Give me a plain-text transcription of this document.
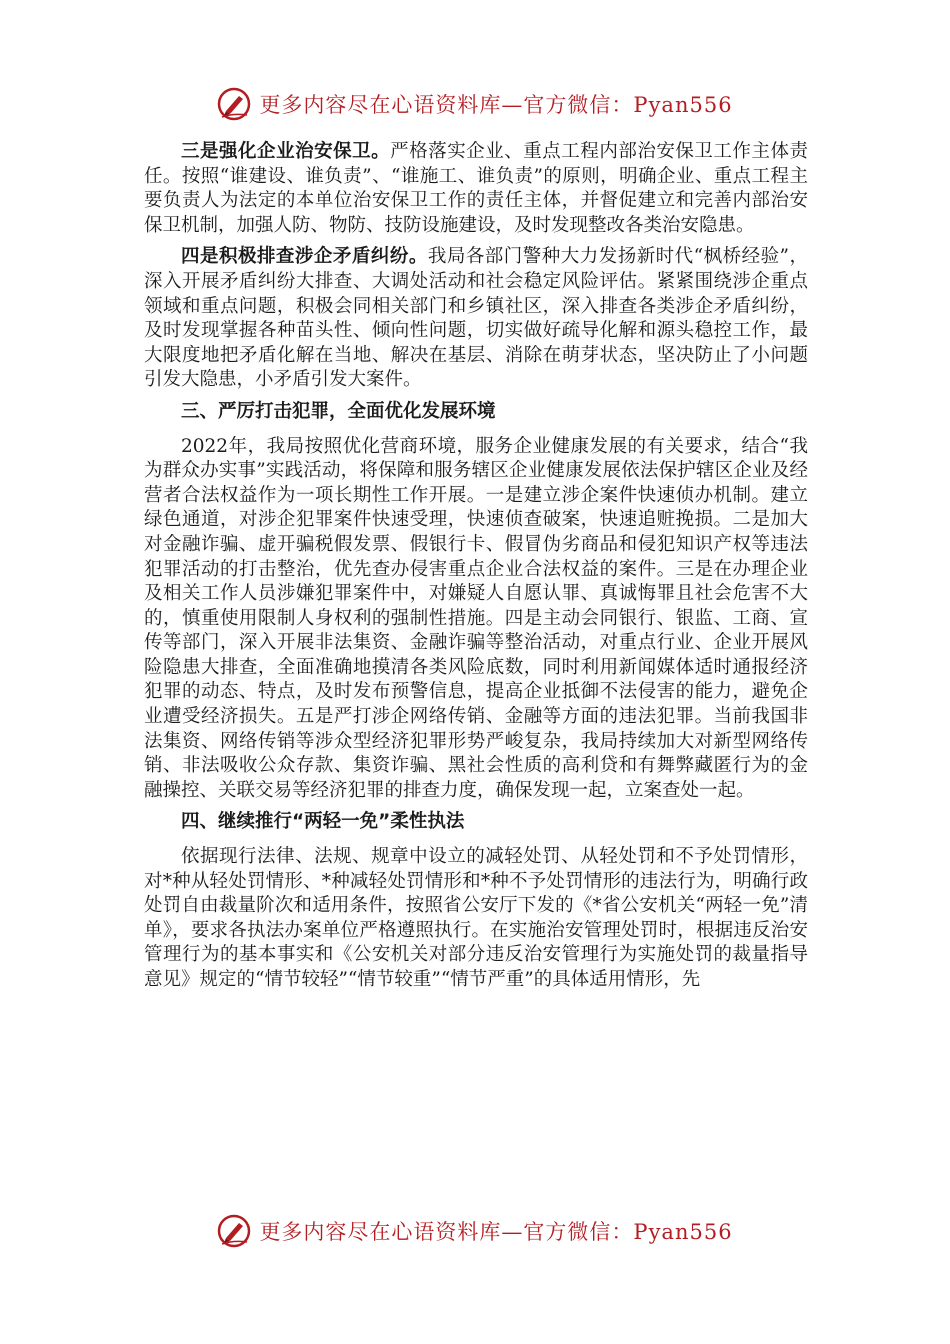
更多内容尽在心语资料库—官方微信：Pyan556

三是强化企业治安保卫。严格落实企业、重点工程内部治安保卫工作主体责任。按照“谁建设、谁负责”、“谁施工、谁负责”的原则，明确企业、重点工程主要负责人为法定的本单位治安保卫工作的责任主体，并督促建立和完善内部治安保卫机制，加强人防、物防、技防设施建设，及时发现整改各类治安隐患。

四是积极排查涉企矛盾纠纷。我局各部门警种大力发扬新时代“枫桥经验”，深入开展矛盾纠纷大排查、大调处活动和社会稳定风险评估。紧紧围绕涉企重点领域和重点问题，积极会同相关部门和乡镇社区，深入排查各类涉企矛盾纠纷，及时发现掌握各种苗头性、倾向性问题，切实做好疏导化解和源头稳控工作，最大限度地把矛盾化解在当地、解决在基层、消除在萌芽状态，坚决防止了小问题引发大隐患，小矛盾引发大案件。

三、严厉打击犯罪，全面优化发展环境

2022年，我局按照优化营商环境，服务企业健康发展的有关要求，结合“我为群众办实事”实践活动，将保障和服务辖区企业健康发展依法保护辖区企业及经营者合法权益作为一项长期性工作开展。一是建立涉企案件快速侦办机制。建立绿色通道，对涉企犯罪案件快速受理，快速侦查破案，快速追赃挽损。二是加大对金融诈骗、虚开骗税假发票、假银行卡、假冒伪劣商品和侵犯知识产权等违法犯罪活动的打击整治，优先查办侵害重点企业合法权益的案件。三是在办理企业及相关工作人员涉嫌犯罪案件中，对嫌疑人自愿认罪、真诚悔罪且社会危害不大的，慎重使用限制人身权利的强制性措施。四是主动会同银行、银监、工商、宣传等部门，深入开展非法集资、金融诈骗等整治活动，对重点行业、企业开展风险隐患大排查，全面准确地摸清各类风险底数，同时利用新闻媒体适时通报经济犯罪的动态、特点，及时发布预警信息，提高企业抵御不法侵害的能力，避免企业遭受经济损失。五是严打涉企网络传销、金融等方面的违法犯罪。当前我国非法集资、网络传销等涉众型经济犯罪形势严峻复杂，我局持续加大对新型网络传销、非法吸收公众存款、集资诈骗、黑社会性质的高利贷和有舞弊藏匿行为的金融操控、关联交易等经济犯罪的排查力度，确保发现一起，立案查处一起。

四、继续推行“两轻一免”柔性执法

依据现行法律、法规、规章中设立的减轻处罚、从轻处罚和不予处罚情形，对*种从轻处罚情形、*种减轻处罚情形和*种不予处罚情形的违法行为，明确行政处罚自由裁量阶次和适用条件，按照省公安厅下发的《*省公安机关“两轻一免”清单》，要求各执法办案单位严格遵照执行。在实施治安管理处罚时，根据违反治安管理行为的基本事实和《公安机关对部分违反治安管理行为实施处罚的裁量指导意见》规定的“情节较轻”“情节较重”“情节严重”的具体适用情形，先

更多内容尽在心语资料库—官方微信：Pyan556
